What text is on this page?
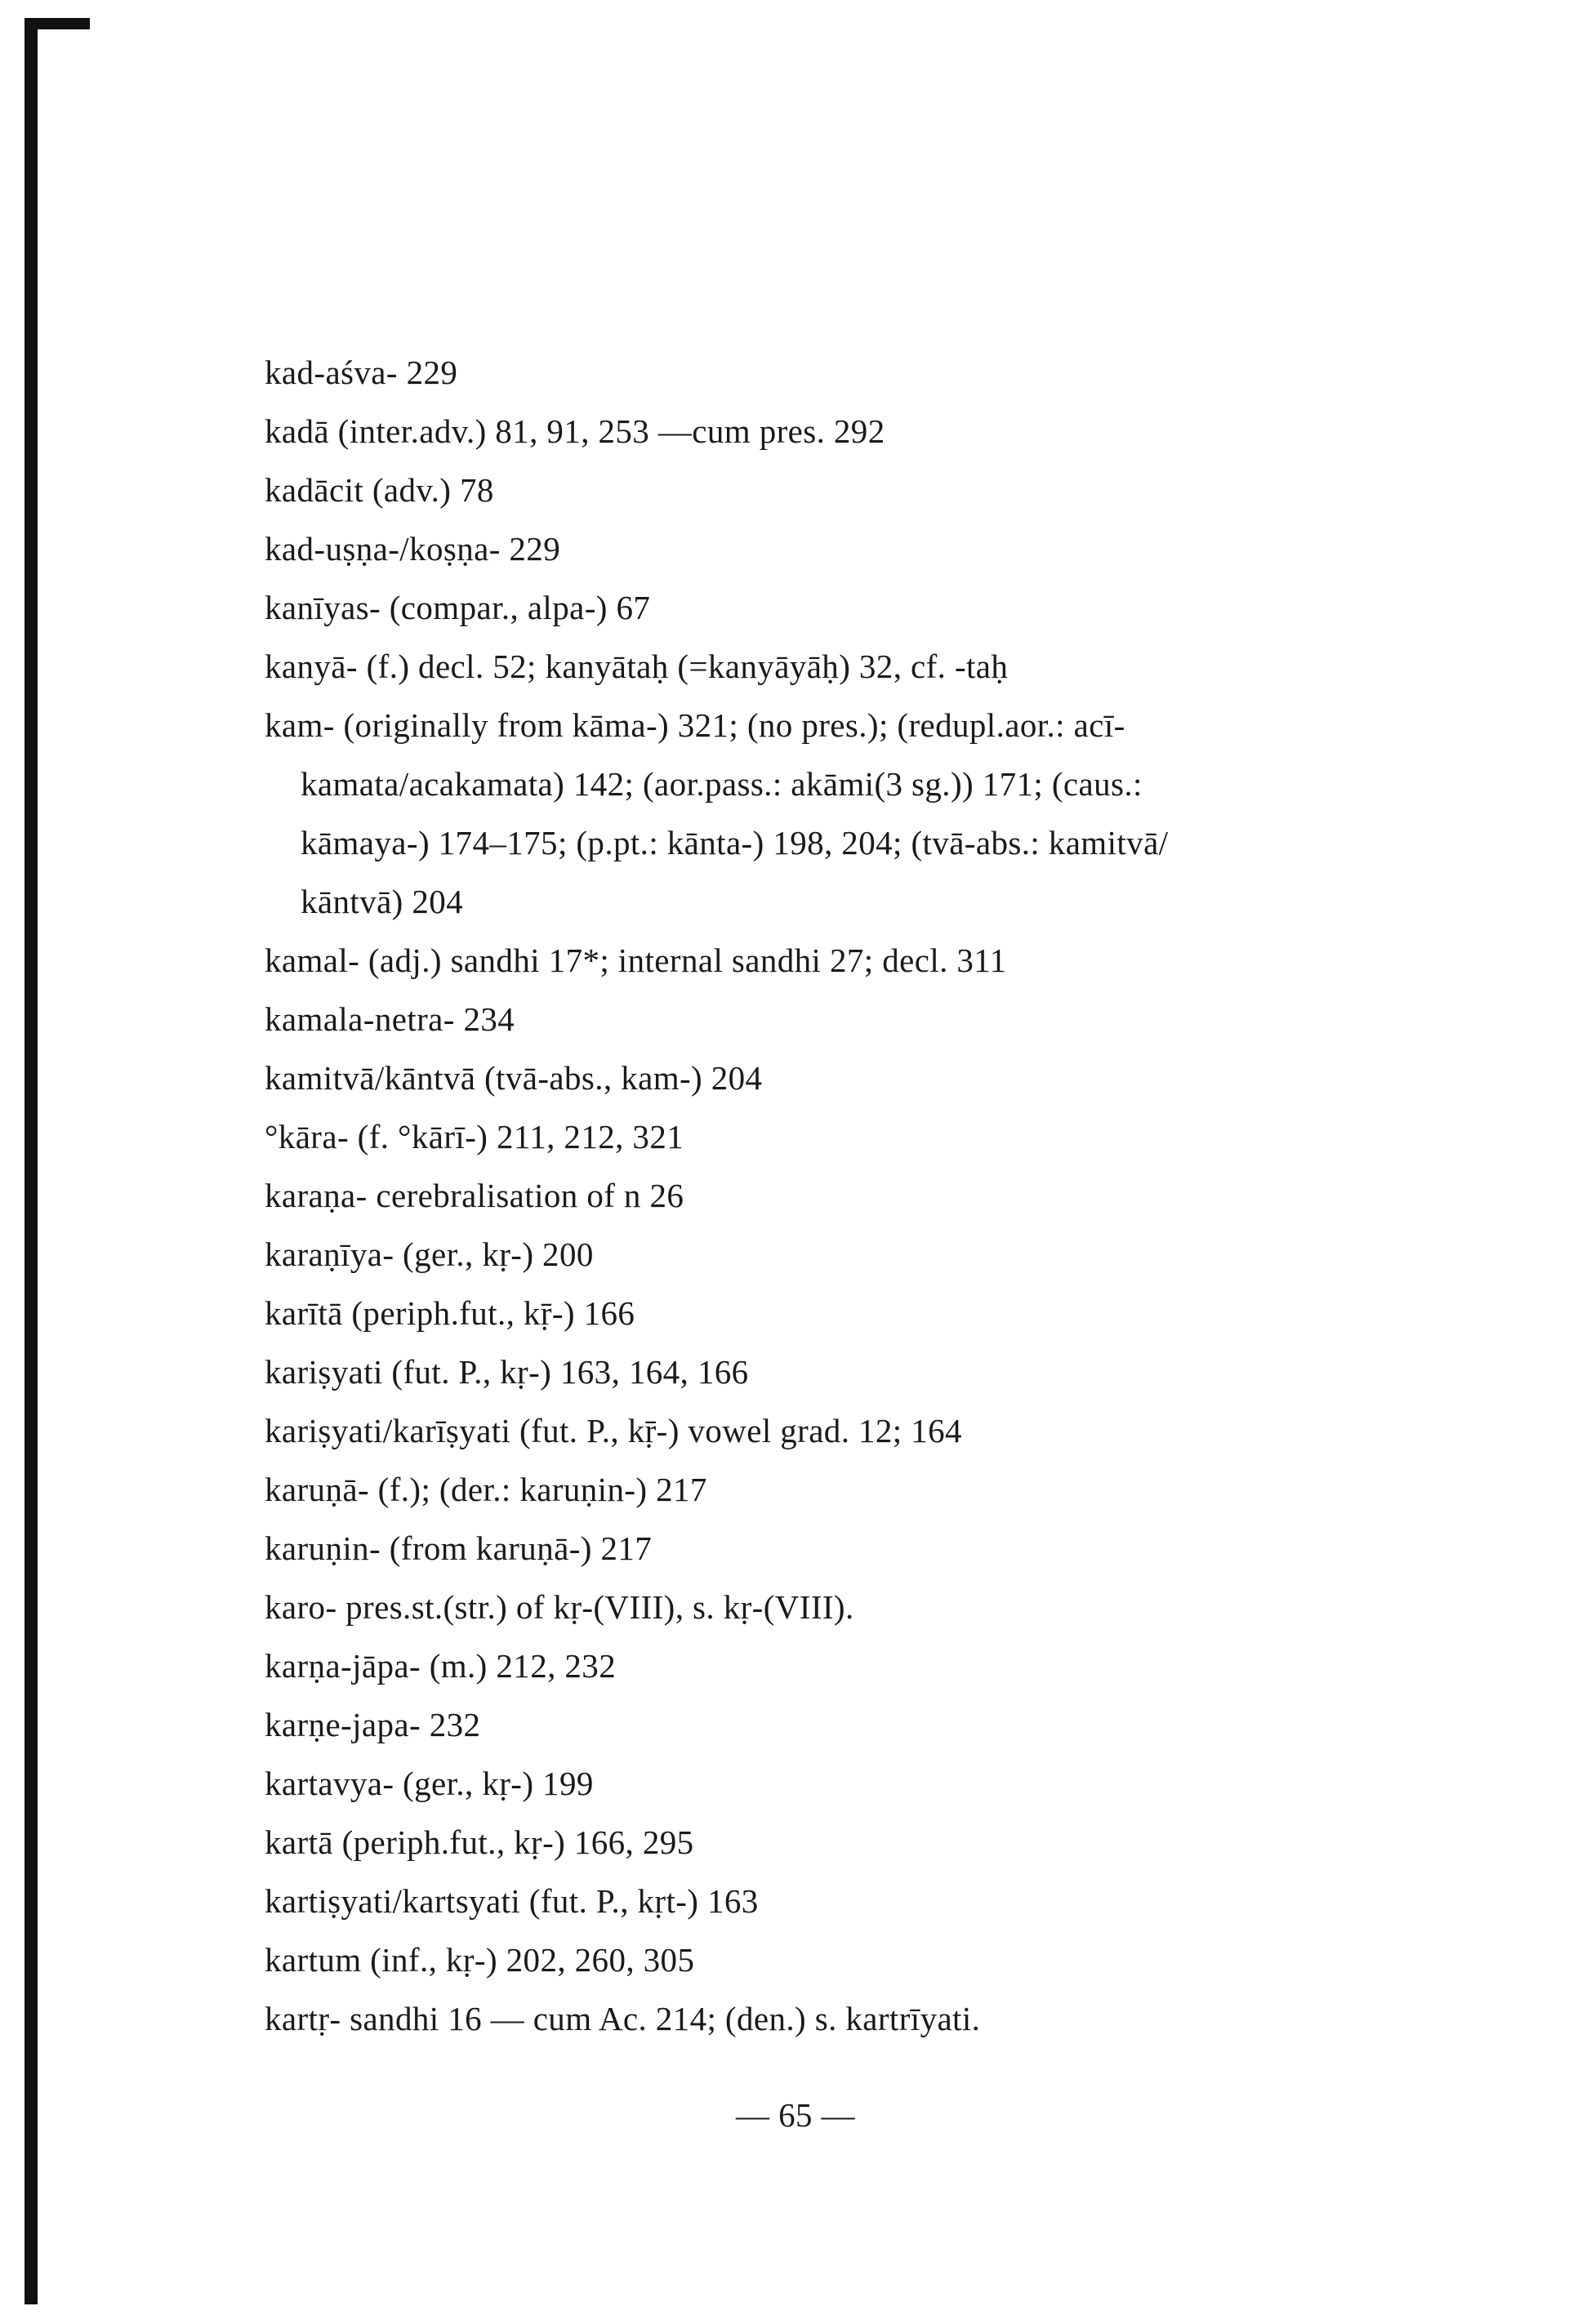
kad-aśva- 229
kadā (inter.adv.) 81, 91, 253 —cum pres. 292
kadācit (adv.) 78
kad-uṣṇa-/koṣṇa- 229
kanīyas- (compar., alpa-) 67
kanyā- (f.) decl. 52; kanyātaḥ (=kanyāyāḥ) 32, cf. -taḥ
kam- (originally from kāma-) 321; (no pres.); (redupl.aor.: acī-
kamata/acakamata) 142; (aor.pass.: akāmi(3 sg.)) 171; (caus.:
kāmaya-) 174–175; (p.pt.: kānta-) 198, 204; (tvā-abs.: kamitvā/
kāntvā) 204
kamal- (adj.) sandhi 17*; internal sandhi 27; decl. 311
kamala-netra- 234
kamitvā/kāntvā (tvā-abs., kam-) 204
°kāra- (f. °kārī-) 211, 212, 321
karaṇa- cerebralisation of n 26
karaṇīya- (ger., kṛ-) 200
karītā (periph.fut., kṝ-) 166
kariṣyati (fut. P., kṛ-) 163, 164, 166
kariṣyati/karīṣyati (fut. P., kṝ-) vowel grad. 12; 164
karuṇā- (f.); (der.: karuṇin-) 217
karuṇin- (from karuṇā-) 217
karo- pres.st.(str.) of kṛ-(VIII), s. kṛ-(VIII).
karṇa-jāpa- (m.) 212, 232
karṇe-japa- 232
kartavya- (ger., kṛ-) 199
kartā (periph.fut., kṛ-) 166, 295
kartiṣyati/kartsyati (fut. P., kṛt-) 163
kartum (inf., kṛ-) 202, 260, 305
kartṛ- sandhi 16 — cum Ac. 214; (den.) s. kartrīyati.
— 65 —
